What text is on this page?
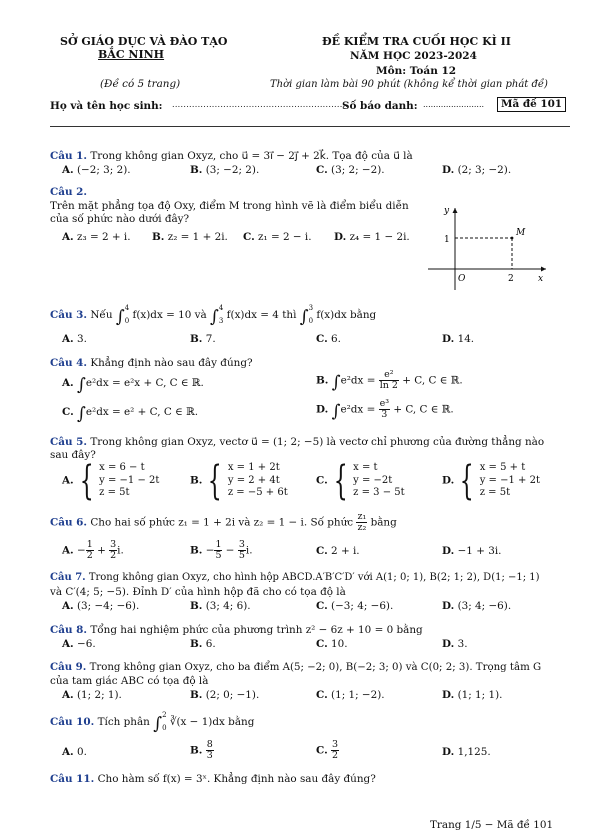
SỞ GIÁO DỤC VÀ ĐÀO TẠO
BẮC NINH
(Đề có 5 trang)
ĐỀ KIỂM TRA CUỐI HỌC KÌ II
NĂM HỌC 2023-2024
Môn: Toán 12
Thời gian làm bài 90 phút (không kể thời gian phát đề)
Họ và tên học sinh: ..............................................................
Số báo danh: ........................	Mã đề 101
Câu 1. Trong không gian Oxyz, cho u⃗ = 3i⃗ − 2j⃗ + 2k⃗. Tọa độ của u⃗ là
A. (−2; 3; 2).	B. (3; −2; 2).	C. (3; 2; −2).	D. (2; 3; −2).
Câu 2.
Trên mặt phẳng tọa độ Oxy, điểm M trong hình vẽ là điểm biểu diễn
của số phức nào dưới đây?
A. z₃ = 2 + i. B. z₂ = 1 + 2i. C. z₁ = 2 − i. D. z₄ = 1 − 2i.
y
x
O
1
2
M
Câu 3. Nếu ∫ 4
0 f(x)dx = 10 và ∫ 4
3 f(x)dx = 4 thì ∫ 3
0 f(x)dx bằng
A. 3.	B. 7.	C. 6.	D. 14.
Câu 4. Khẳng định nào sau đây đúng?
A. ∫e²dx = e²x + C, C ∈ ℝ.	B. $\int e^2dx = \frac{\text{e²}}{\ln 2} + C$, C ∈ ℝ.
C. ∫e²dx = e² + C, C ∈ ℝ.	D. $\int e^2dx = \frac{\text{e³}}{3} + C$, C ∈ ℝ.
Câu 5. Trong không gian Oxyz, vectơ u⃗ = (1; 2; −5) là vectơ chỉ phương của đường thẳng nào
sau đây?
A. { x = 6 − t
y = −1 − 2t
z = 5t
B. { x = 1 + 2t
y = 2 + 4t
z = −5 + 6t
C. { x = t
y = −2t
z = 3 − 5t
D. { x = 5 + t
y = −1 + 2t
z = 5t
Câu 6. Cho hai số phức z₁ = 1 + 2i và z₂ = 1 − i. Số phức $\frac{\text{z₁}}{\text{z₂}}$ bằng
A. − $\frac{1}{2} + \frac{3}{2} i$.	B. − $\frac{1}{5} - \frac{3}{5} i$.	C. 2 + i.	D. −1 + 3i.
Câu 7. Trong không gian Oxyz, cho hình hộp ABCD.A′B′C′D′ với A(1; 0; 1), B(2; 1; 2), D(1; −1; 1)
và C′(4; 5; −5). Đỉnh D′ của hình hộp đã cho có tọa độ là
A. (3; −4; −6).	B. (3; 4; 6).	C. (−3; 4; −6).	D. (3; 4; −6).
Câu 8. Tổng hai nghiệm phức của phương trình z² − 6z + 10 = 0 bằng
A. −6.	B. 6.	C. 10.	D. 3.
Câu 9. Trong không gian Oxyz, cho ba điểm A(5; −2; 0), B(−2; 3; 0) và C(0; 2; 3). Trọng tâm G
của tam giác ABC có tọa độ là
A. (1; 2; 1).	B. (2; 0; −1).	C. (1; 1; −2).	D. (1; 1; 1).
Câu 10. Tích phân ∫ 2
0 ∛(x − 1)dx bằng
A. 0.	B. $\frac{8}{3}$	C. $\frac{3}{2}$	D. 1,125.
Câu 11. Cho hàm số f(x) = 3ˣ. Khẳng định nào sau đây đúng?
Trang 1/5 − Mã đề 101
